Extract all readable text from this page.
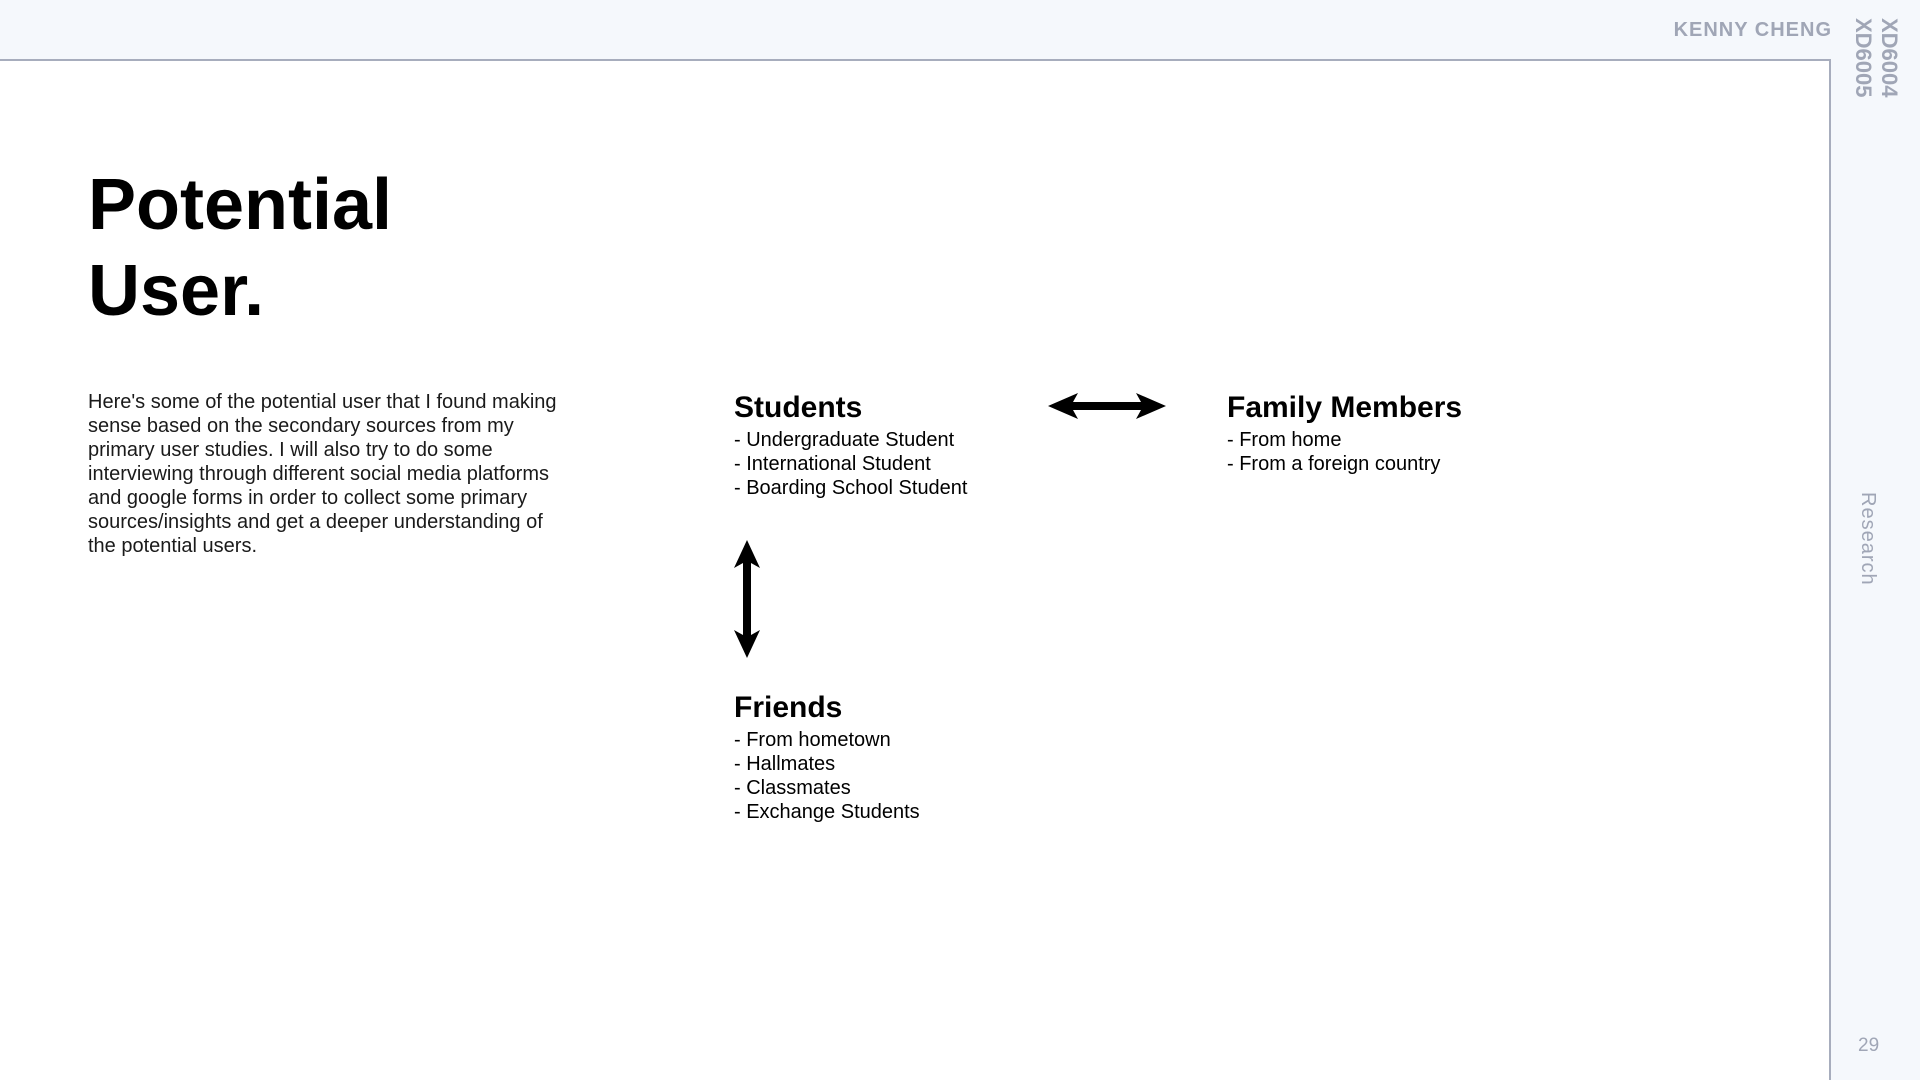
KENNY CHENG XD6004
XD6005
Research
29
Potential
User.

Here's some of the potential user that I found making sense based on the secondary sources from my primary user studies. I will also try to do some interviewing through different social media platforms and google forms in order to collect some primary sources/insights and get a deeper understanding of the potential users.

Students
- Undergraduate Student
- International Student
- Boarding School Student
Family Members
- From home
- From a foreign country
Friends
- From hometown
- Hallmates
- Classmates
- Exchange Students
